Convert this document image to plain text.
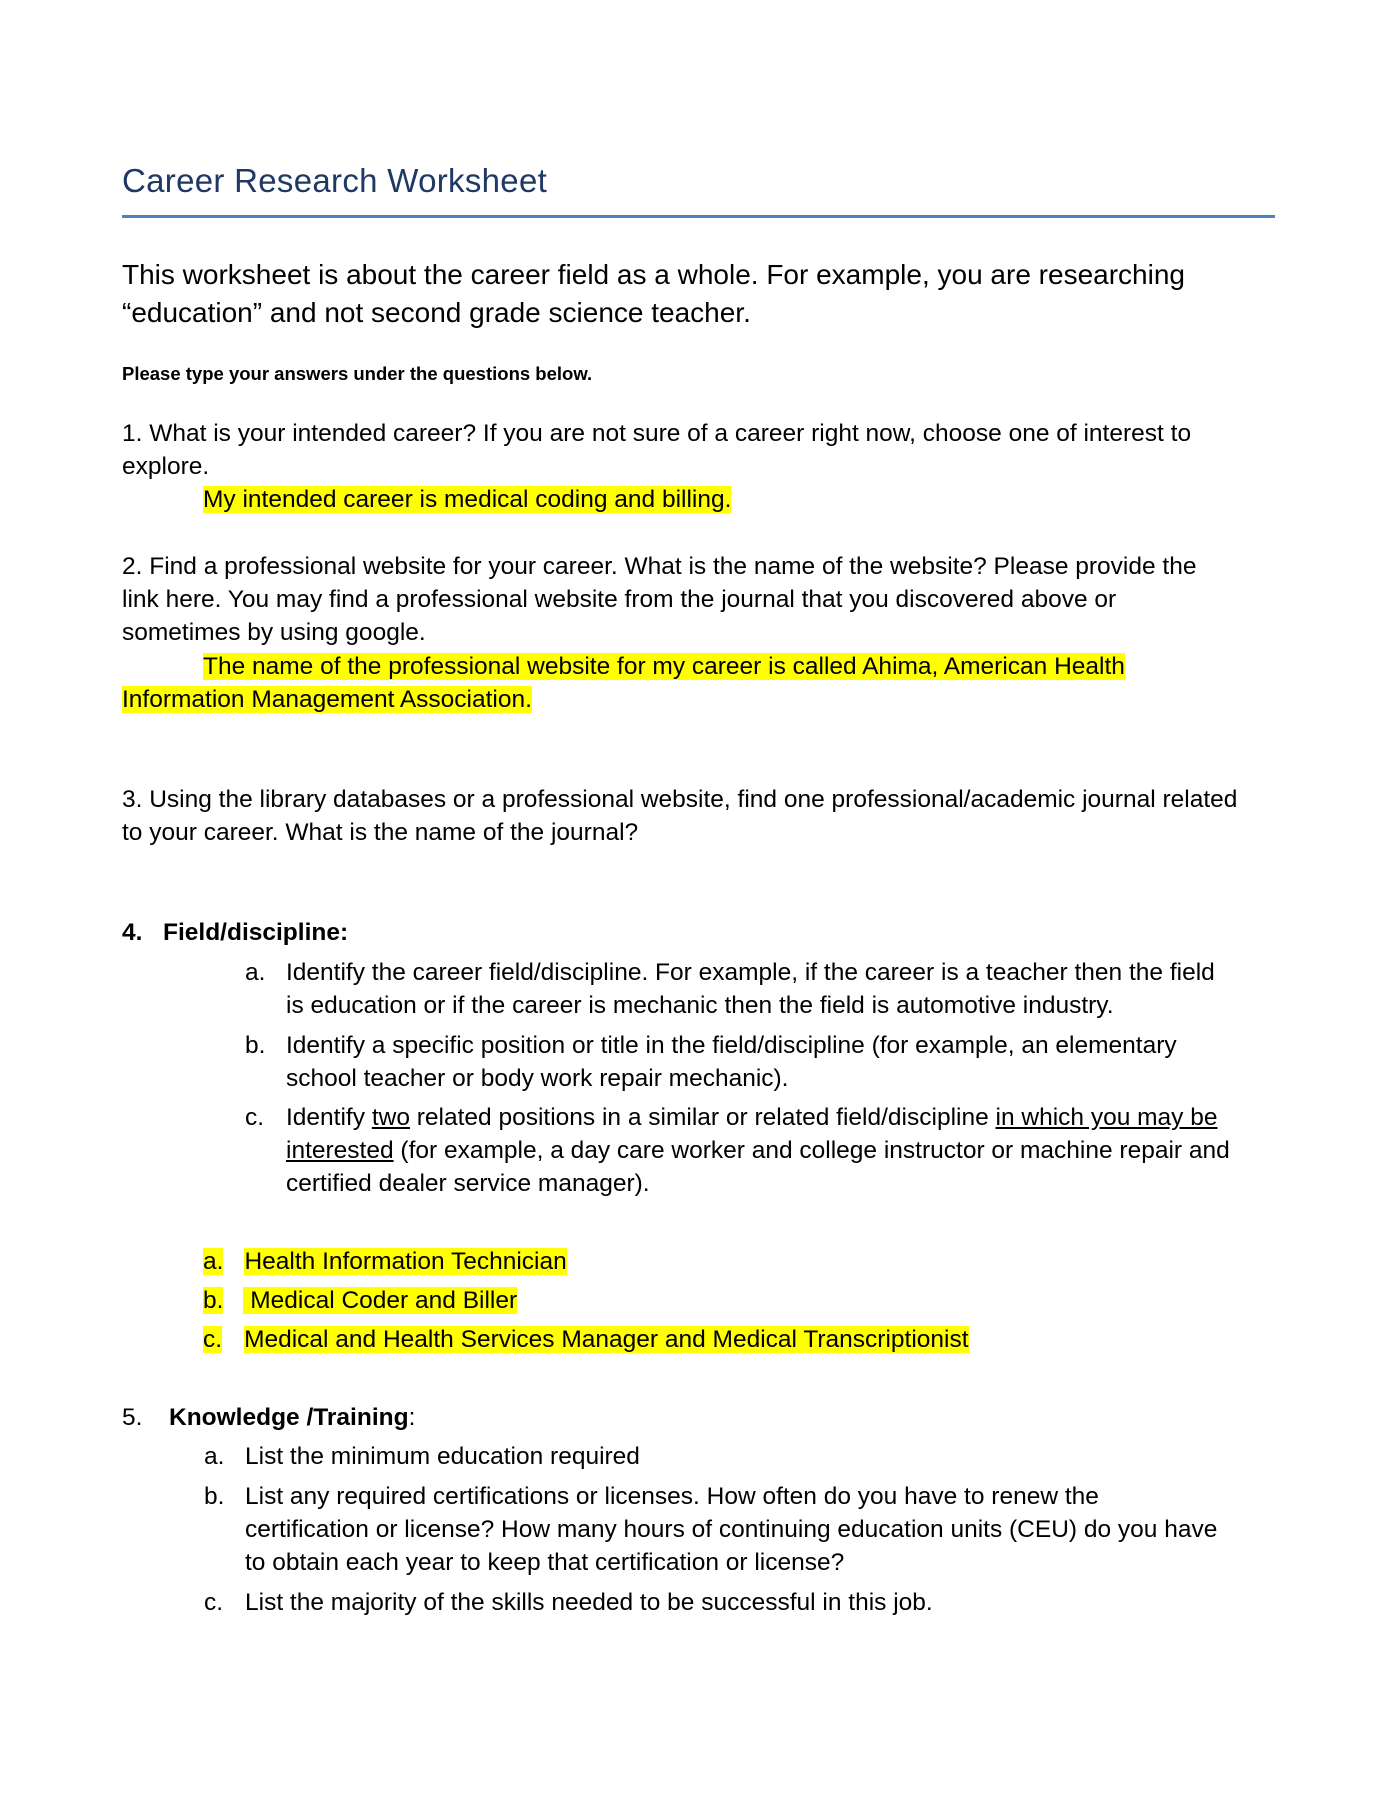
Career Research Worksheet
This worksheet is about the career field as a whole. For example, you are researching
“education” and not second grade science teacher.
Please type your answers under the questions below.
1. What is your intended career? If you are not sure of a career right now, choose one of interest to
explore.
My intended career is medical coding and billing.
2. Find a professional website for your career. What is the name of the website? Please provide the
link here. You may find a professional website from the journal that you discovered above or
sometimes by using google.
The name of the professional website for my career is called Ahima, American Health
Information Management Association.
3. Using the library databases or a professional website, find one professional/academic journal related
to your career. What is the name of the journal?
4. Field/discipline:
a. Identify the career field/discipline. For example, if the career is a teacher then the field
is education or if the career is mechanic then the field is automotive industry.
b. Identify a specific position or title in the field/discipline (for example, an elementary
school teacher or body work repair mechanic).
c. Identify two related positions in a similar or related field/discipline in which you may be
interested (for example, a day care worker and college instructor or machine repair and
certified dealer service manager).
a. Health Information Technician
b. Medical Coder and Biller
c. Medical and Health Services Manager and Medical Transcriptionist
5. Knowledge /Training:
a. List the minimum education required
b. List any required certifications or licenses. How often do you have to renew the
certification or license? How many hours of continuing education units (CEU) do you have
to obtain each year to keep that certification or license?
c. List the majority of the skills needed to be successful in this job.
